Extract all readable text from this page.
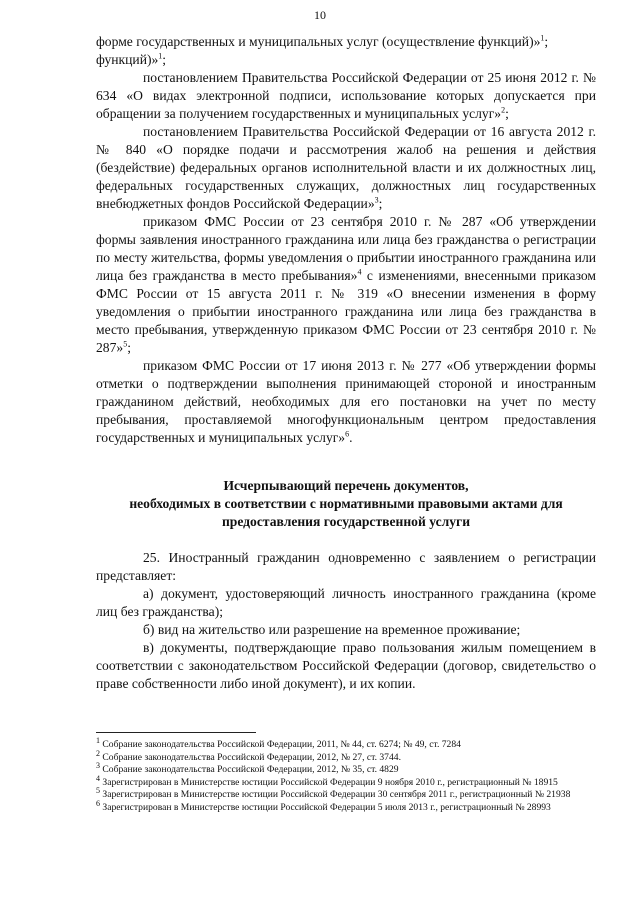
10

форме государственных и муниципальных услуг (осуществление функций)»$^1$;

функций)»$^1$;

постановлением Правительства Российской Федерации от 25 июня 2012 г. № 634 «О видах электронной подписи, использование которых допускается при обращении за получением государственных и муниципальных услуг»$^2$;

постановлением Правительства Российской Федерации от 16 августа 2012 г. № 840 «О порядке подачи и рассмотрения жалоб на решения и действия (бездействие) федеральных органов исполнительной власти и их должностных лиц, федеральных государственных служащих, должностных лиц государственных внебюджетных фондов Российской Федерации»$^3$;

приказом ФМС России от 23 сентября 2010 г. № 287 «Об утверждении формы заявления иностранного гражданина или лица без гражданства о регистрации по месту жительства, формы уведомления о прибытии иностранного гражданина или лица без гражданства в место пребывания»$^4$ с изменениями, внесенными приказом ФМС России от 15 августа 2011 г. № 319 «О внесении изменения в форму уведомления о прибытии иностранного гражданина или лица без гражданства в место пребывания, утвержденную приказом ФМС России от 23 сентября 2010 г. № 287»$^5$;

приказом ФМС России от 17 июня 2013 г. № 277 «Об утверждении формы отметки о подтверждении выполнения принимающей стороной и иностранным гражданином действий, необходимых для его постановки на учет по месту пребывания, проставляемой многофункциональным центром предоставления государственных и муниципальных услуг»$^6$.

Исчерпывающий перечень документов,
необходимых в соответствии с нормативными правовыми актами для
предоставления государственной услуги

25. Иностранный гражданин одновременно с заявлением о регистрации представляет:

а) документ, удостоверяющий личность иностранного гражданина (кроме лиц без гражданства);

б) вид на жительство или разрешение на временное проживание;

в) документы, подтверждающие право пользования жилым помещением в соответствии с законодательством Российской Федерации (договор, свидетельство о праве собственности либо иной документ), и их копии.

$^1$ Собрание законодательства Российской Федерации, 2011, № 44, ст. 6274; № 49, ст. 7284

$^2$ Собрание законодательства Российской Федерации, 2012, № 27, ст. 3744.

$^3$ Собрание законодательства Российской Федерации, 2012, № 35, ст. 4829

$^4$ Зарегистрирован в Министерстве юстиции Российской Федерации 9 ноября 2010 г., регистрационный № 18915

$^5$ Зарегистрирован в Министерстве юстиции Российской Федерации 30 сентября 2011 г., регистрационный № 21938

$^6$ Зарегистрирован в Министерстве юстиции Российской Федерации 5 июля 2013 г., регистрационный № 28993
